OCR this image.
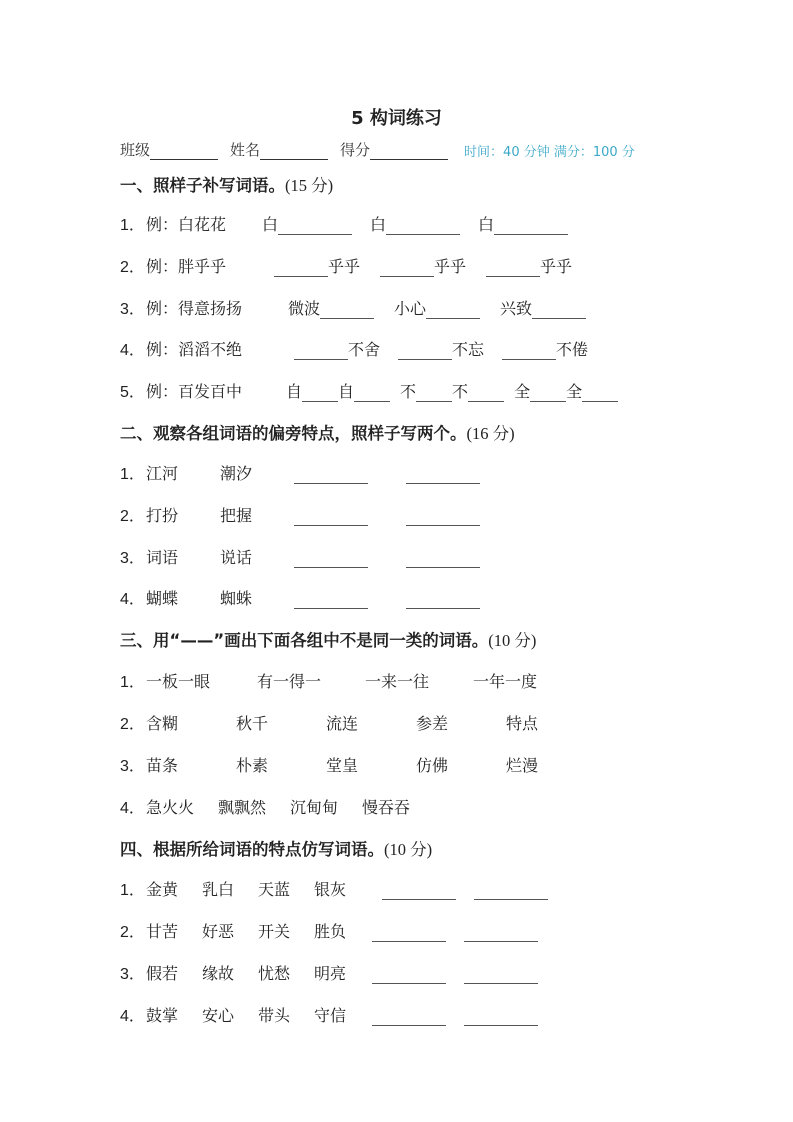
5 构词练习
班级	姓名	得分	时间：40 分钟 满分：100 分
一、照样子补写词语。(15 分)
1． 例：白花花	白	白	白
2． 例：胖乎乎	乎乎	乎乎	乎乎
3． 例：得意扬扬	微波	小心	兴致
4． 例：滔滔不绝	不舍	不忘	不倦
5． 例：百发百中	自 自	不 不	全 全
二、观察各组词语的偏旁特点，照样子写两个。(16 分)
1． 江河	潮汐
2． 打扮	把握
3． 词语	说话
4． 蝴蝶	蜘蛛
三、用“——”画出下面各组中不是同一类的词语。(10 分)
1． 一板一眼	有一得一	一来一往	一年一度
2． 含糊	秋千	流连	参差	特点
3． 苗条	朴素	堂皇	仿佛	烂漫
4． 急火火	飘飘然	沉甸甸	慢吞吞
四、根据所给词语的特点仿写词语。(10 分)
1． 金黄	乳白	天蓝	银灰
2． 甘苦	好恶	开关	胜负
3． 假若	缘故	忧愁	明亮
4． 鼓掌	安心	带头	守信
